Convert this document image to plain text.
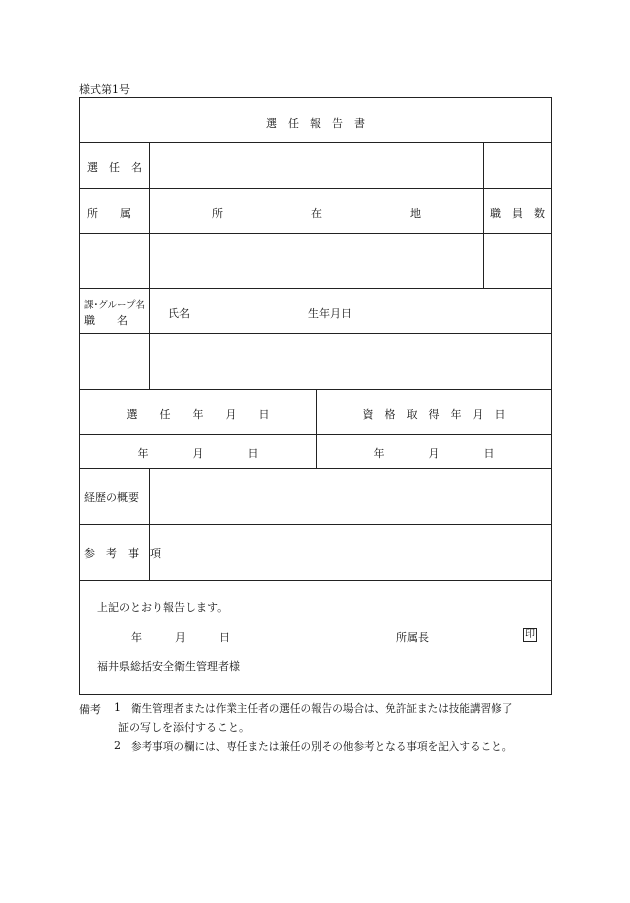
様式第1号
選　任　報　告　書
選　任　名
所　　属	所　　　　　　　　在　　　　　　　　地	職　員　数
課･グループ名
職　　名
氏名	生年月日
選　　任　　年　　月　　日	資　格　取　得　年　月　日
年　　　　月　　　　日	年　　　　月　　　　日
経歴の概要
参　考　事　項
上記のとおり報告します。
年　　　月　　　日	所属長	印
福井県総括安全衛生管理者様
備考 1 衛生管理者または作業主任者の選任の報告の場合は、免許証または技能講習修了
証の写しを添付すること。
2 参考事項の欄には、専任または兼任の別その他参考となる事項を記入すること。
